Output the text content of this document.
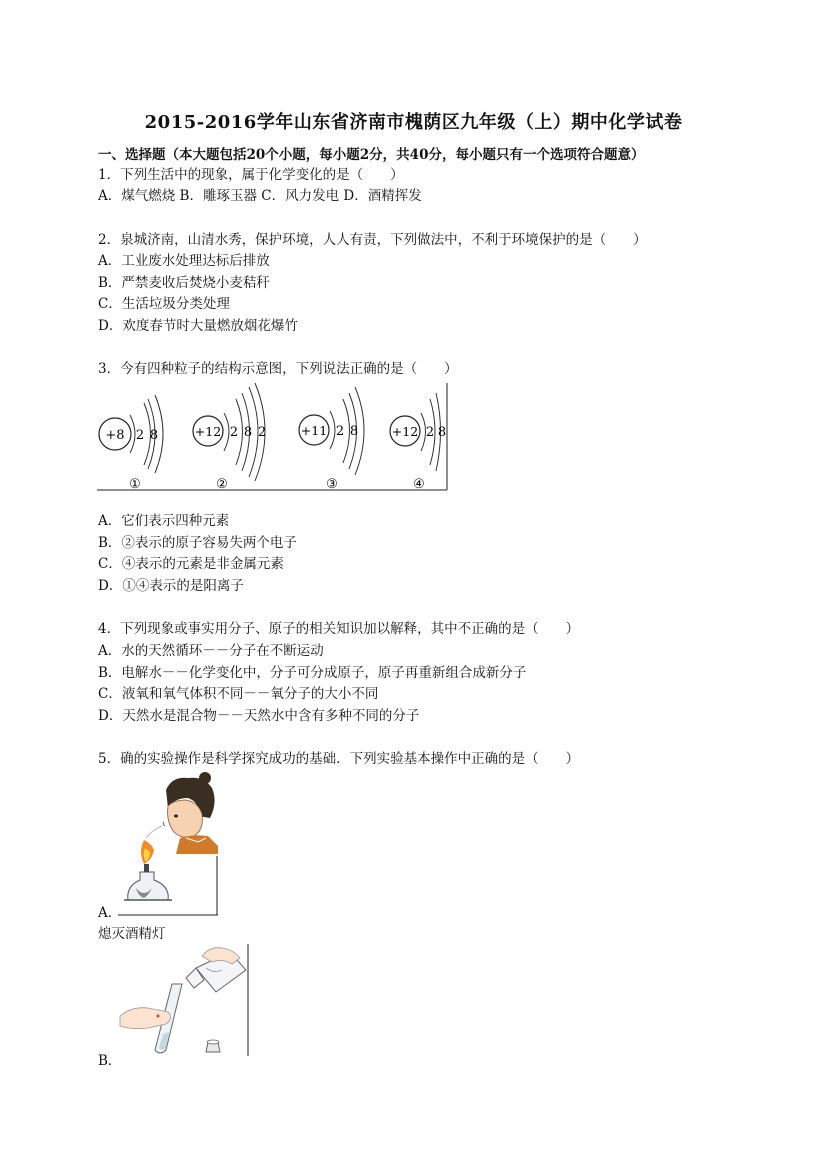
2015-2016学年山东省济南市槐荫区九年级（上）期中化学试卷
一、选择题（本大题包括20个小题，每小题2分，共40分，每小题只有一个选项符合题意）
1．下列生活中的现象，属于化学变化的是（　　）
A．煤气燃烧 B．雕琢玉器 C．风力发电 D．酒精挥发
2．泉城济南，山清水秀，保护环境，人人有责，下列做法中，不利于环境保护的是（　　）
A．工业废水处理达标后排放
B．严禁麦收后焚烧小麦秸秆
C．生活垃圾分类处理
D．欢度春节时大量燃放烟花爆竹
3．今有四种粒子的结构示意图，下列说法正确的是（　　）
+8 2 8
①
+12 2 8 2
②
+11 2 8
③
+12 2 8
④
A．它们表示四种元素
B．②表示的原子容易失两个电子
C．④表示的元素是非金属元素
D．①④表示的是阳离子
4．下列现象或事实用分子、原子的相关知识加以解释，其中不正确的是（　　）
A．水的天然循环－－分子在不断运动
B．电解水－－化学变化中，分子可分成原子，原子再重新组合成新分子
C．液氧和氧气体积不同－－氧分子的大小不同
D．天然水是混合物－－天然水中含有多种不同的分子
5．确的实验操作是科学探究成功的基础．下列实验基本操作中正确的是（　　）
A．
熄灭酒精灯
B．
